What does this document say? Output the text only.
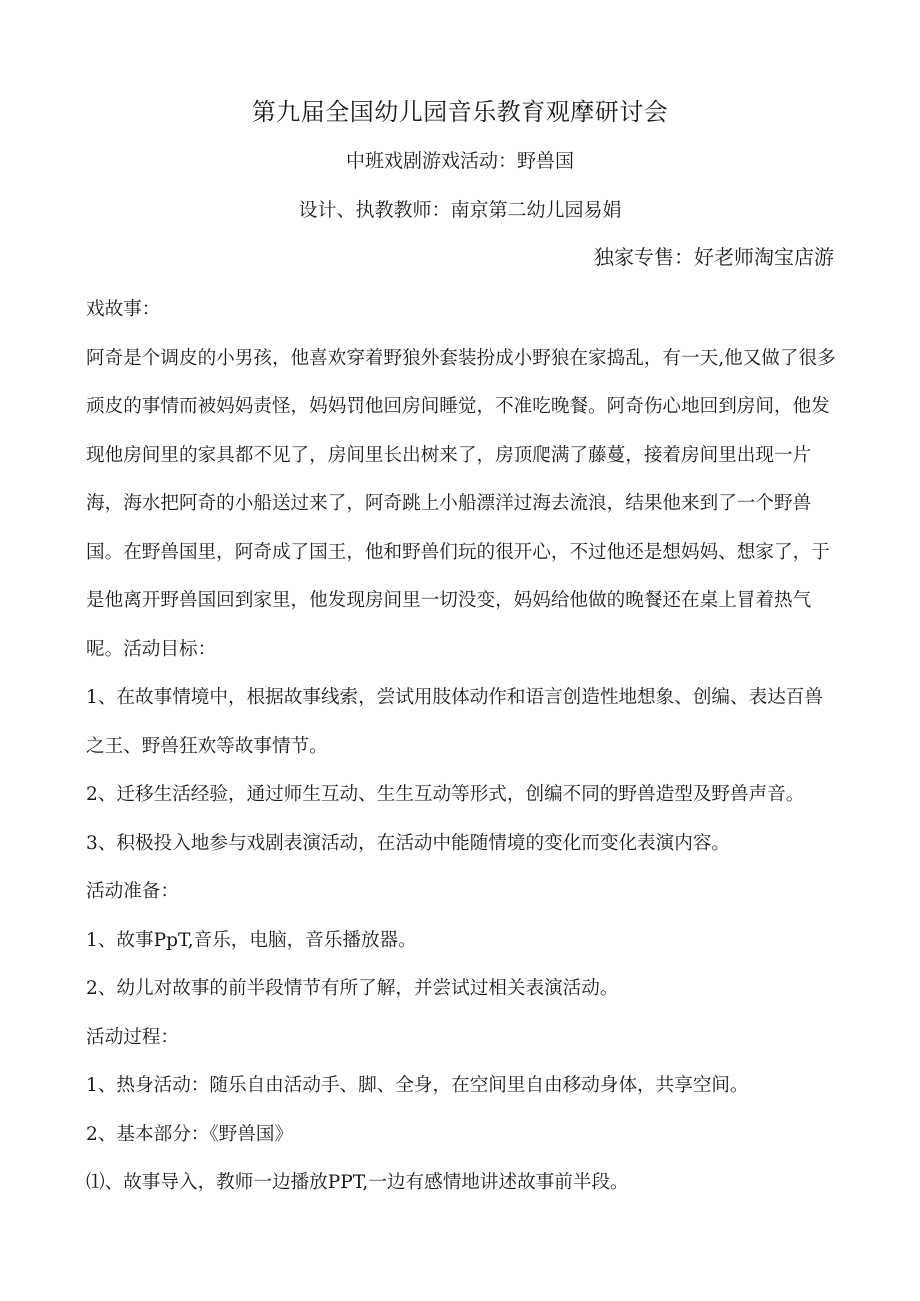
第九届全国幼儿园音乐教育观摩研讨会
中班戏剧游戏活动：野兽国
设计、执教教师：南京第二幼儿园易娟
独家专售：好老师淘宝店游

戏故事：

阿奇是个调皮的小男孩，他喜欢穿着野狼外套装扮成小野狼在家捣乱，有一天,他又做了很多顽皮的事情而被妈妈责怪，妈妈罚他回房间睡觉，不准吃晚餐。阿奇伤心地回到房间，他发现他房间里的家具都不见了，房间里长出树来了，房顶爬满了藤蔓，接着房间里出现一片海，海水把阿奇的小船送过来了，阿奇跳上小船漂洋过海去流浪，结果他来到了一个野兽国。在野兽国里，阿奇成了国王，他和野兽们玩的很开心，不过他还是想妈妈、想家了，于是他离开野兽国回到家里，他发现房间里一切没变，妈妈给他做的晚餐还在桌上冒着热气呢。活动目标：

1、在故事情境中，根据故事线索，尝试用肢体动作和语言创造性地想象、创编、表达百兽之王、野兽狂欢等故事情节。

2、迁移生活经验，通过师生互动、生生互动等形式，创编不同的野兽造型及野兽声音。

3、积极投入地参与戏剧表演活动，在活动中能随情境的变化而变化表演内容。

活动准备：

1、故事PpT,音乐，电脑，音乐播放器。

2、幼儿对故事的前半段情节有所了解，并尝试过相关表演活动。

活动过程：

1、热身活动：随乐自由活动手、脚、全身，在空间里自由移动身体，共享空间。

2、基本部分：《野兽国》

⑴、故事导入，教师一边播放PPT,一边有感情地讲述故事前半段。
